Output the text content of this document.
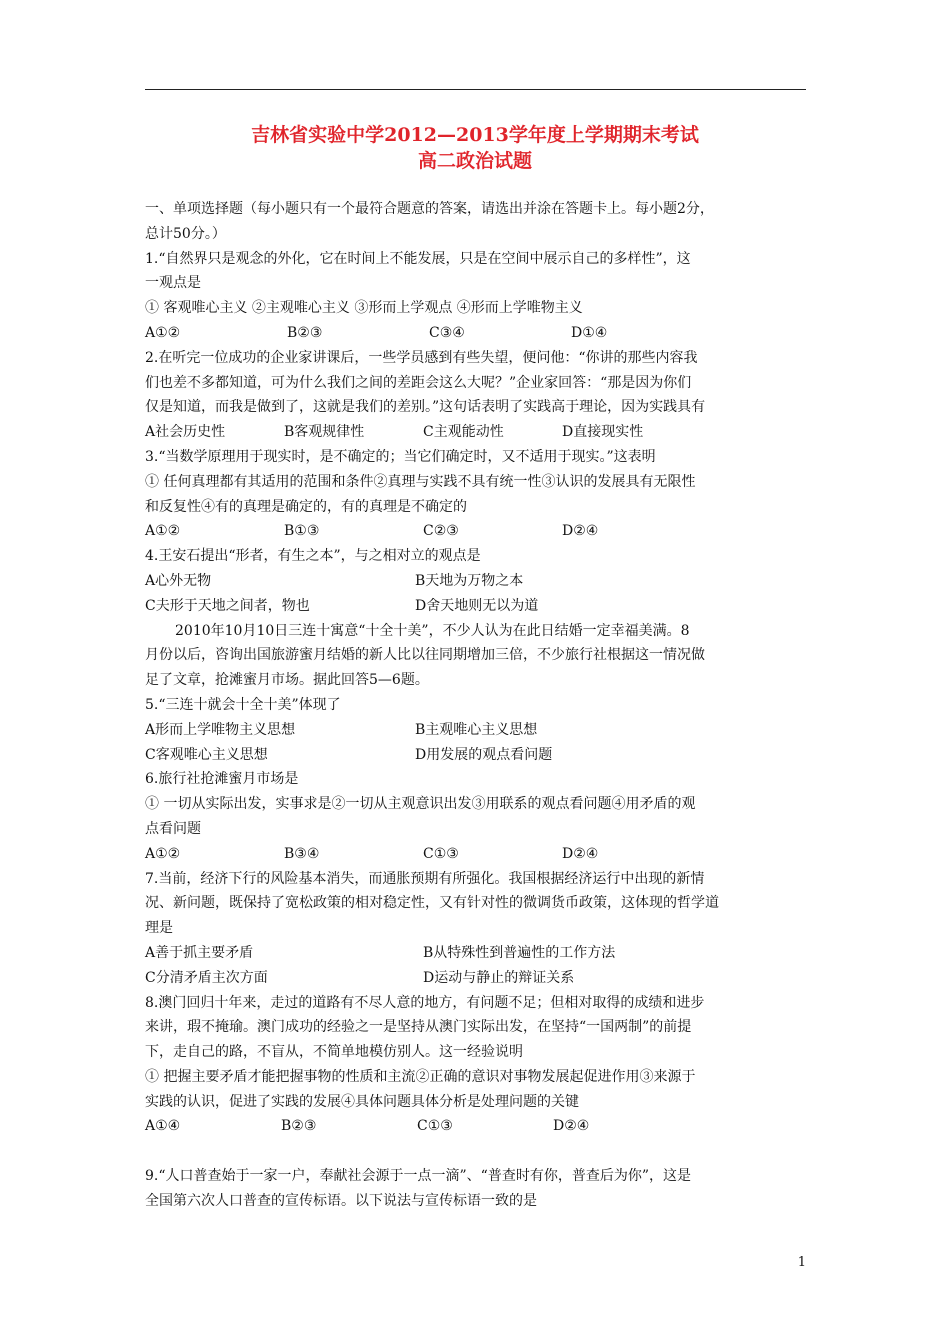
吉林省实验中学2012—2013学年度上学期期末考试
高二政治试题
一、单项选择题（每小题只有一个最符合题意的答案，请选出并涂在答题卡上。每小题2分，
总计50分。）
1.“自然界只是观念的外化，它在时间上不能发展，只是在空间中展示自己的多样性”，这
一观点是
① 客观唯心主义 ②主观唯心主义 ③形而上学观点 ④形而上学唯物主义
A①②	B②③	C③④	D①④
2.在听完一位成功的企业家讲课后，一些学员感到有些失望，便问他：“你讲的那些内容我
们也差不多都知道，可为什么我们之间的差距会这么大呢？”企业家回答：“那是因为你们
仅是知道，而我是做到了，这就是我们的差别。”这句话表明了实践高于理论，因为实践具有
A社会历史性	B客观规律性	C主观能动性	D直接现实性
3.“当数学原理用于现实时，是不确定的；当它们确定时，又不适用于现实。”这表明
① 任何真理都有其适用的范围和条件②真理与实践不具有统一性③认识的发展具有无限性
和反复性④有的真理是确定的，有的真理是不确定的
A①②	B①③	C②③	D②④
4.王安石提出“形者，有生之本”，与之相对立的观点是
A心外无物	B天地为万物之本
C夫形于天地之间者，物也	D舍天地则无以为道
2010年10月10日三连十寓意“十全十美”，不少人认为在此日结婚一定幸福美满。8
月份以后，咨询出国旅游蜜月结婚的新人比以往同期增加三倍，不少旅行社根据这一情况做
足了文章，抢滩蜜月市场。据此回答5—6题。
5.“三连十就会十全十美”体现了
A形而上学唯物主义思想	B主观唯心主义思想
C客观唯心主义思想	D用发展的观点看问题
6.旅行社抢滩蜜月市场是
① 一切从实际出发，实事求是②一切从主观意识出发③用联系的观点看问题④用矛盾的观
点看问题
A①②	B③④	C①③	D②④
7.当前，经济下行的风险基本消失，而通胀预期有所强化。我国根据经济运行中出现的新情
况、新问题，既保持了宽松政策的相对稳定性，又有针对性的微调货币政策，这体现的哲学道
理是
A善于抓主要矛盾	B从特殊性到普遍性的工作方法
C分清矛盾主次方面	D运动与静止的辩证关系
8.澳门回归十年来，走过的道路有不尽人意的地方，有问题不足；但相对取得的成绩和进步
来讲，瑕不掩瑜。澳门成功的经验之一是坚持从澳门实际出发，在坚持“一国两制”的前提
下，走自己的路，不盲从，不简单地模仿别人。这一经验说明
① 把握主要矛盾才能把握事物的性质和主流②正确的意识对事物发展起促进作用③来源于
实践的认识，促进了实践的发展④具体问题具体分析是处理问题的关键
A①④	B②③	C①③	D②④
9.“人口普查始于一家一户，奉献社会源于一点一滴”、“普查时有你，普查后为你”，这是
全国第六次人口普查的宣传标语。以下说法与宣传标语一致的是
1
